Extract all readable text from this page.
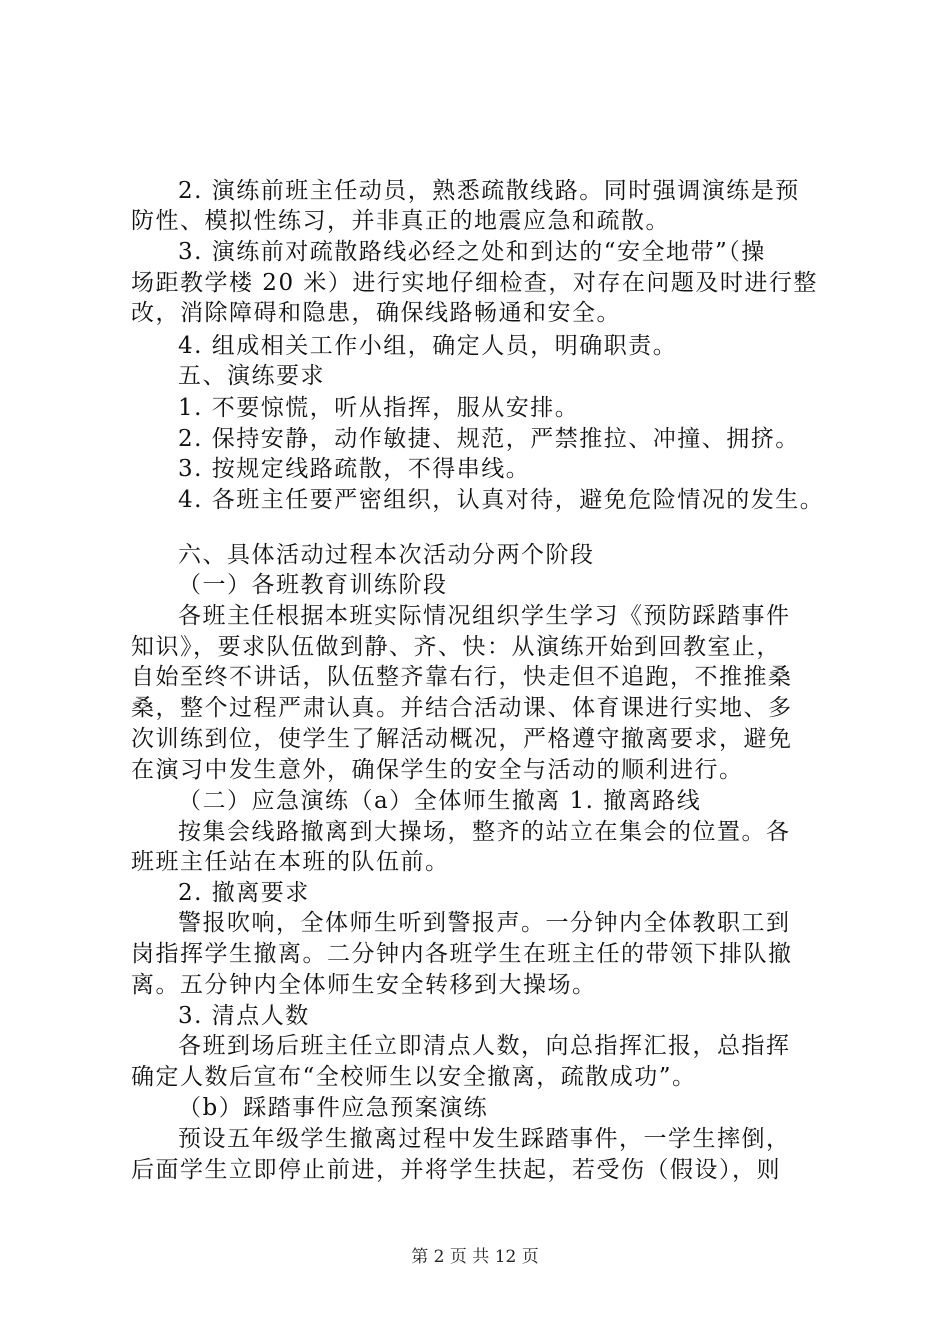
2. 演练前班主任动员，熟悉疏散线路。同时强调演练是预
防性、模拟性练习，并非真正的地震应急和疏散。
3. 演练前对疏散路线必经之处和到达的“安全地带”（操
场距教学楼 20 米）进行实地仔细检查，对存在问题及时进行整
改，消除障碍和隐患，确保线路畅通和安全。
4. 组成相关工作小组，确定人员，明确职责。
五、演练要求
1. 不要惊慌，听从指挥，服从安排。
2. 保持安静，动作敏捷、规范，严禁推拉、冲撞、拥挤。
3. 按规定线路疏散，不得串线。
4. 各班主任要严密组织，认真对待，避免危险情况的发生。
六、具体活动过程本次活动分两个阶段
（一）各班教育训练阶段
各班主任根据本班实际情况组织学生学习《预防踩踏事件
知识》，要求队伍做到静、齐、快：从演练开始到回教室止，
自始至终不讲话，队伍整齐靠右行，快走但不追跑，不推推桑
桑，整个过程严肃认真。并结合活动课、体育课进行实地、多
次训练到位，使学生了解活动概况，严格遵守撤离要求，避免
在演习中发生意外，确保学生的安全与活动的顺利进行。
（二）应急演练（a）全体师生撤离 1. 撤离路线
按集会线路撤离到大操场，整齐的站立在集会的位置。各
班班主任站在本班的队伍前。
2. 撤离要求
警报吹响，全体师生听到警报声。一分钟内全体教职工到
岗指挥学生撤离。二分钟内各班学生在班主任的带领下排队撤
离。五分钟内全体师生安全转移到大操场。
3. 清点人数
各班到场后班主任立即清点人数，向总指挥汇报，总指挥
确定人数后宣布“全校师生以安全撤离，疏散成功”。
（b）踩踏事件应急预案演练
预设五年级学生撤离过程中发生踩踏事件，一学生摔倒，
后面学生立即停止前进，并将学生扶起，若受伤（假设），则
第 2 页 共 12 页
